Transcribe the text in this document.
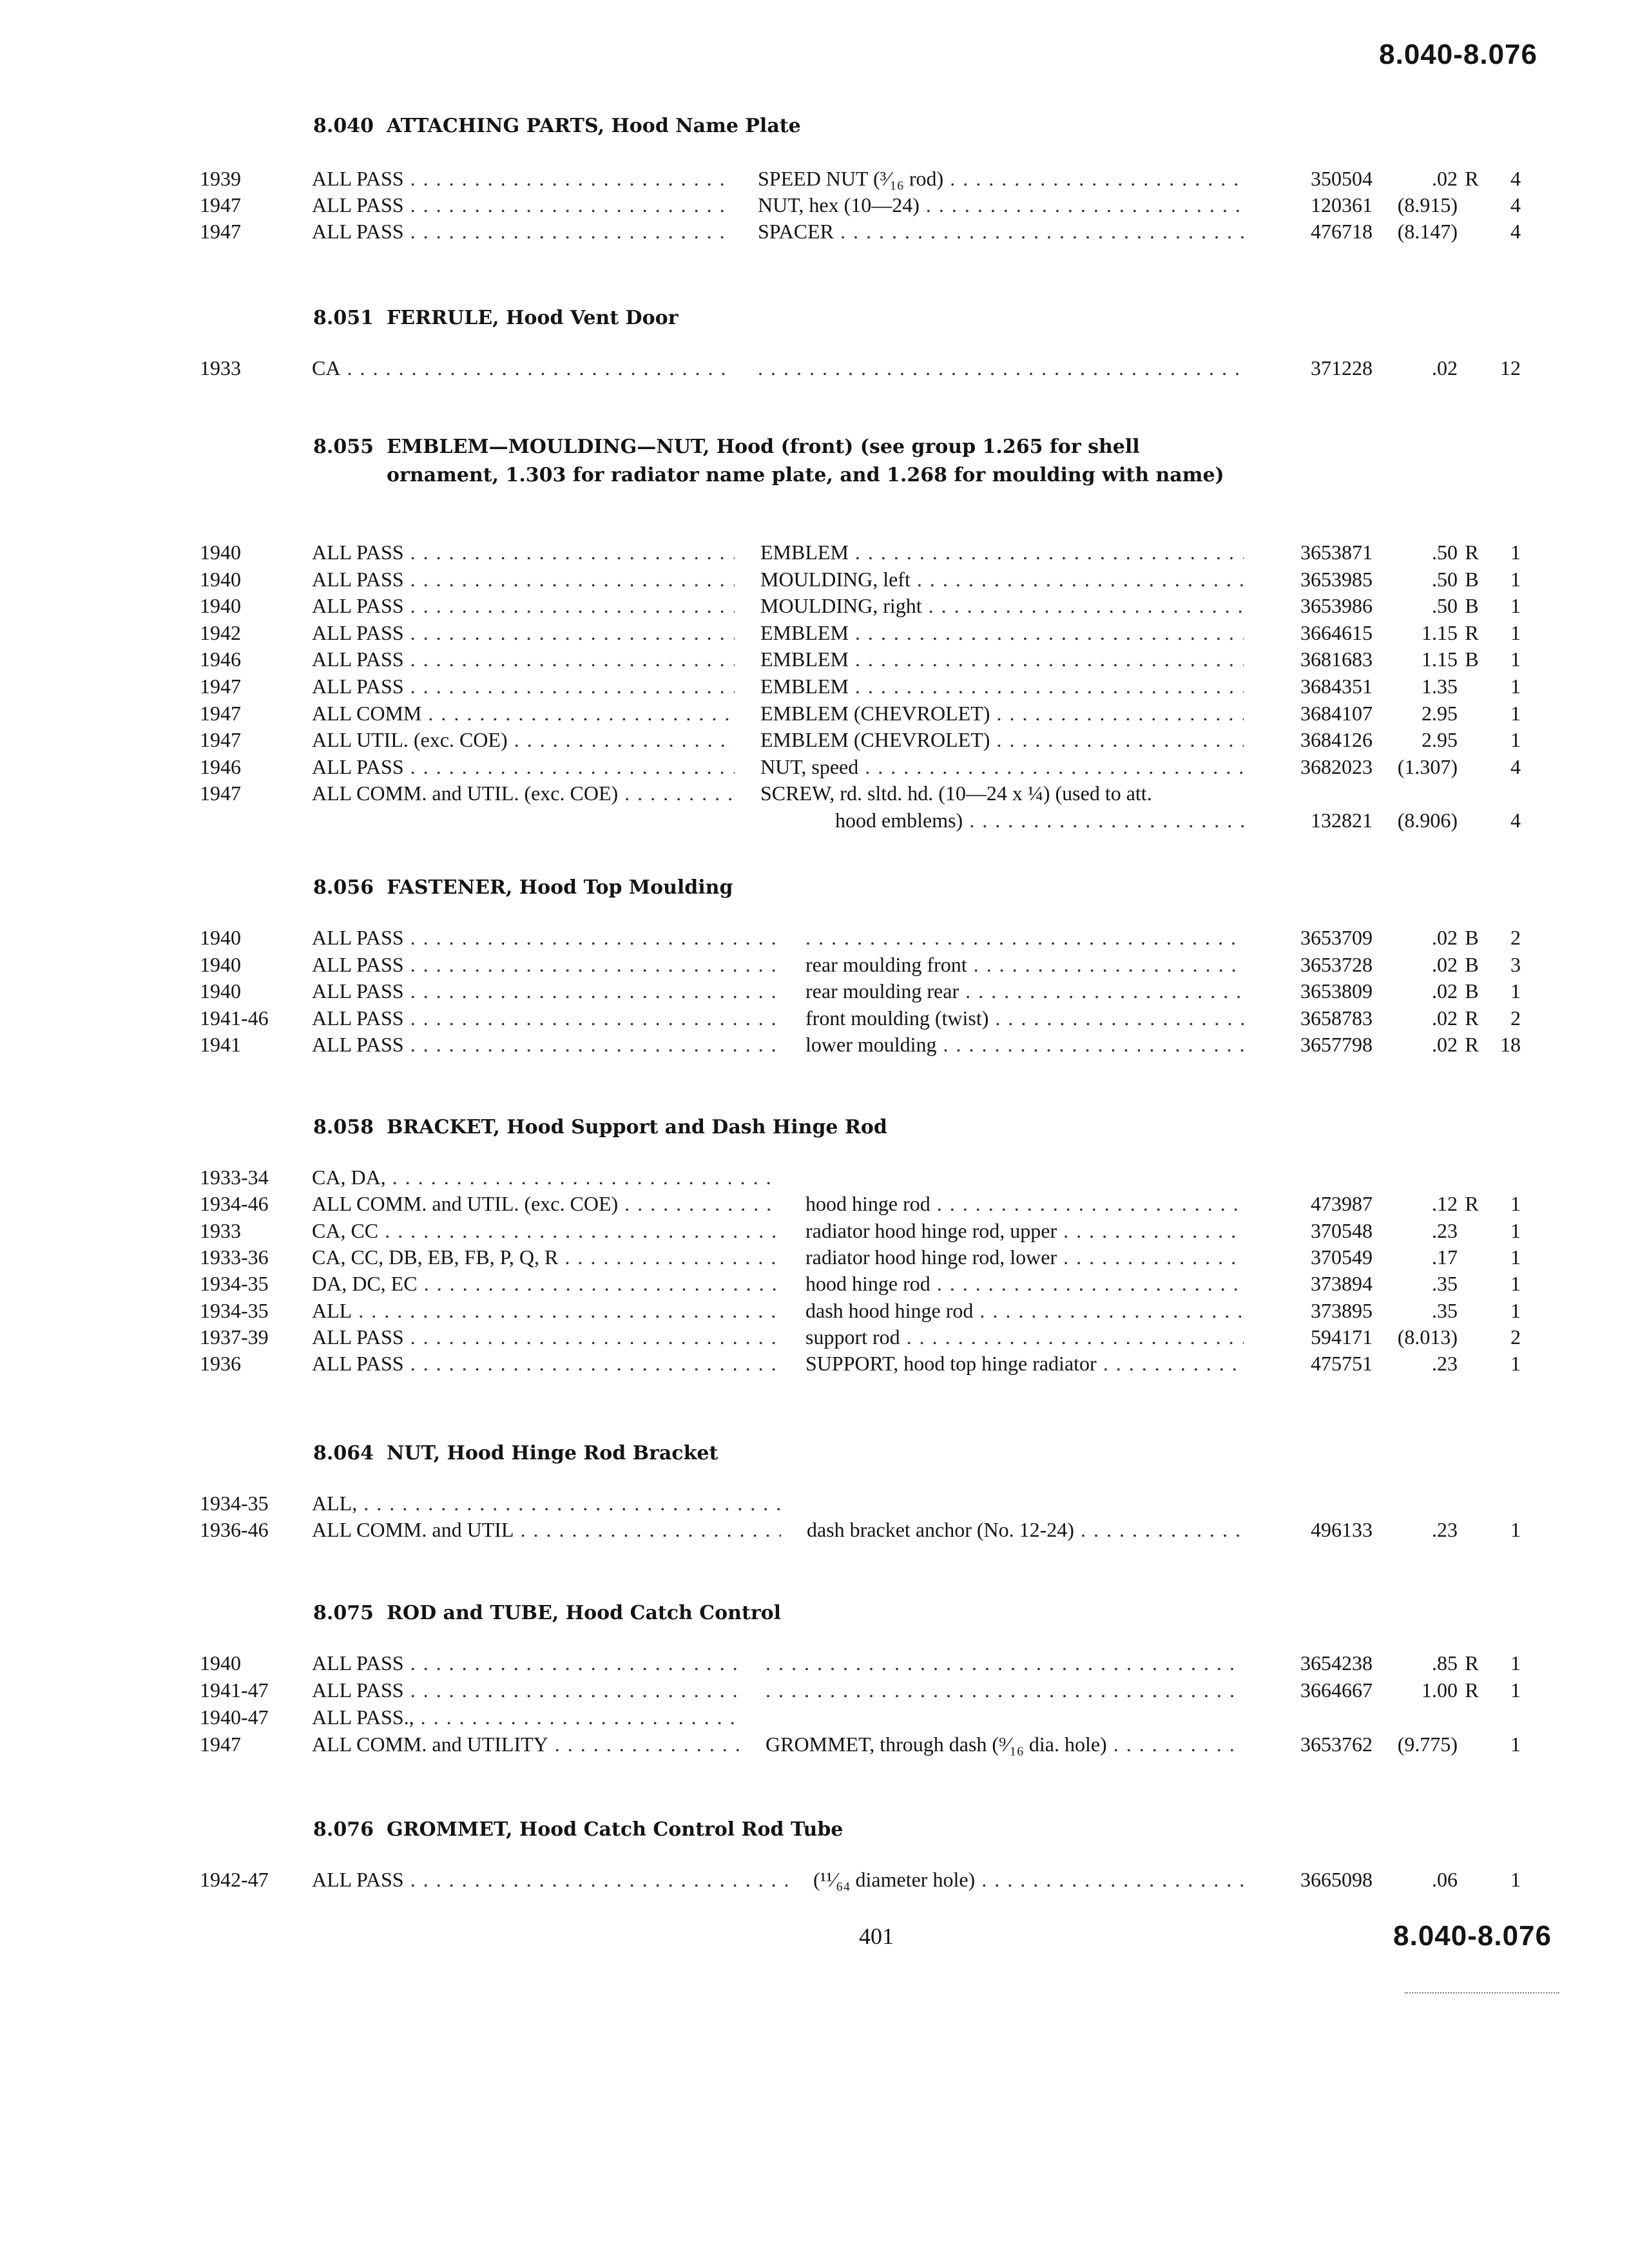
8.040-8.076
8.040 ATTACHING PARTS, Hood Name Plate
1939	ALL PASS . . .	SPEED NUT (³⁄₁₆ rod) . . .	350504	.02 R	4
1947	ALL PASS . . .	NUT, hex (10—24) . . .	120361	(8.915)	4
1947	ALL PASS . . .	SPACER . . .	476718	(8.147)	4
8.051 FERRULE, Hood Vent Door
1933	CA . . . . . .	371228	.02	12
8.055 EMBLEM—MOULDING—NUT, Hood (front) (see group 1.265 for shell ornament, 1.303 for radiator name plate, and 1.268 for moulding with name)
1940	ALL PASS . . .	EMBLEM . . .	3653871	.50 R	1
1940	ALL PASS . . .	MOULDING, left . . .	3653985	.50 B	1
1940	ALL PASS . . .	MOULDING, right . . .	3653986	.50 B	1
1942	ALL PASS . . .	EMBLEM . . .	3664615	1.15 R	1
1946	ALL PASS . . .	EMBLEM . . .	3681683	1.15 B	1
1947	ALL PASS . . .	EMBLEM . . .	3684351	1.35	1
1947	ALL COMM . . .	EMBLEM (CHEVROLET) . . .	3684107	2.95	1
1947	ALL UTIL. (exc. COE) . . .	EMBLEM (CHEVROLET) . . .	3684126	2.95	1
1946	ALL PASS . . .	NUT, speed . . .	3682023	(1.307)	4
1947	ALL COMM. and UTIL. (exc. COE) . . .	SCREW, rd. sltd. hd. (10—24 x ¼) (used to att.
hood emblems) . . .	132821	(8.906)	4
8.056 FASTENER, Hood Top Moulding
1940	ALL PASS . . . . . .	3653709	.02 B	2
1940	ALL PASS . . .	rear moulding front . . .	3653728	.02 B	3
1940	ALL PASS . . .	rear moulding rear . . .	3653809	.02 B	1
1941-46 ALL PASS . . .	front moulding (twist) . . .	3658783	.02 R	2
1941	ALL PASS . . .	lower moulding . . .	3657798	.02 R	18
8.058 BRACKET, Hood Support and Dash Hinge Rod
1933-34 CA, DA, . . .
1934-46 ALL COMM. and UTIL. (exc. COE) . . .	hood hinge rod . . .	473987	.12 R	1
1933	CA, CC . . .	radiator hood hinge rod, upper . . .	370548	.23	1
1933-36 CA, CC, DB, EB, FB, P, Q, R . . .	radiator hood hinge rod, lower . . .	370549	.17	1
1934-35 DA, DC, EC . . .	hood hinge rod . . .	373894	.35	1
1934-35 ALL . . .	dash hood hinge rod . . .	373895	.35	1
1937-39 ALL PASS . . .	support rod . . .	594171	(8.013)	2
1936	ALL PASS . . .	SUPPORT, hood top hinge radiator . . .	475751	.23	1
8.064 NUT, Hood Hinge Rod Bracket
1934-35 ALL, . . .
1936-46 ALL COMM. and UTIL . . .	dash bracket anchor (No. 12-24) . . .	496133	.23	1
8.075 ROD and TUBE, Hood Catch Control
1940	ALL PASS . . . . . .	3654238	.85 R	1
1941-47 ALL PASS . . . . . .	3664667	1.00 R	1
1940-47 ALL PASS., . . .
1947	ALL COMM. and UTILITY . . .	GROMMET, through dash (⁹⁄₁₆ dia. hole) . . .	3653762	(9.775)	1
8.076 GROMMET, Hood Catch Control Rod Tube
1942-47 ALL PASS . . .	(¹¹⁄₆₄ diameter hole) . . .	3665098	.06	1
401	8.040-8.076
